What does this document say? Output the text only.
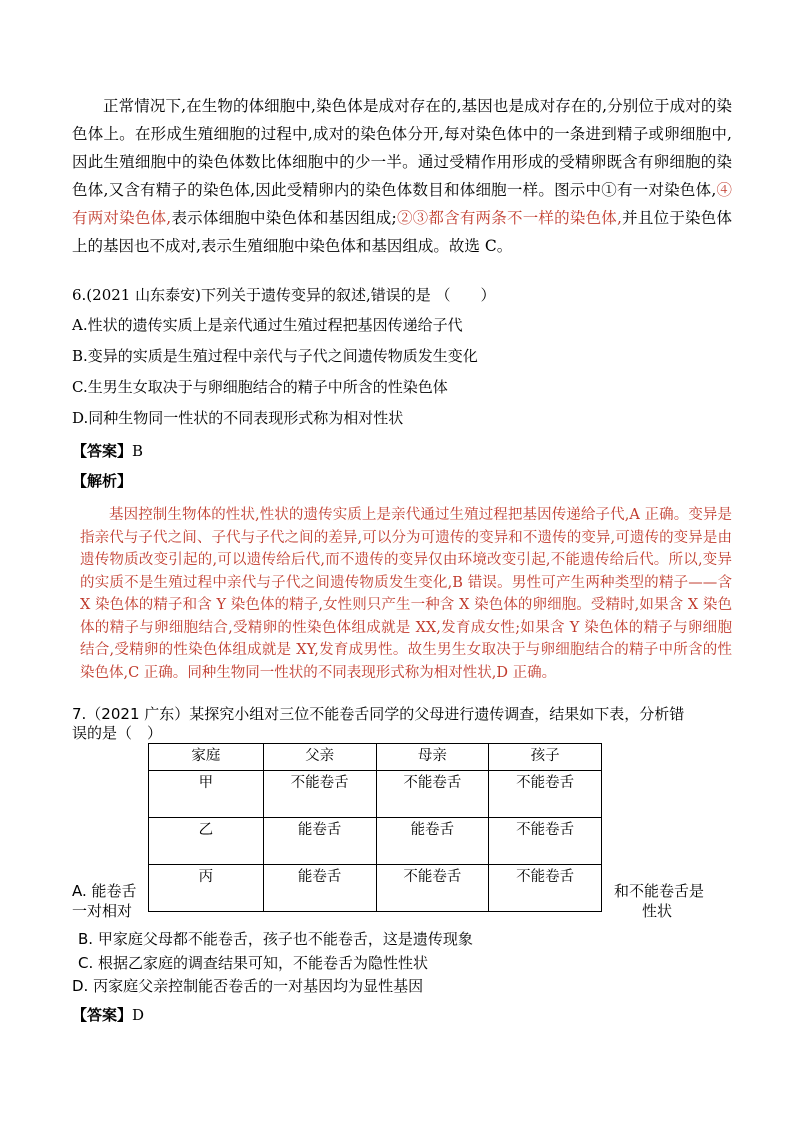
正常情况下,在生物的体细胞中,染色体是成对存在的,基因也是成对存在的,分别位于成对的染色体上。在形成生殖细胞的过程中,成对的染色体分开,每对染色体中的一条进到精子或卵细胞中,因此生殖细胞中的染色体数比体细胞中的少一半。通过受精作用形成的受精卵既含有卵细胞的染色体,又含有精子的染色体,因此受精卵内的染色体数目和体细胞一样。图示中①有一对染色体,④有两对染色体,表示体细胞中染色体和基因组成;②③都含有两条不一样的染色体,并且位于染色体上的基因也不成对,表示生殖细胞中染色体和基因组成。故选 C。
6.(2021 山东泰安)下列关于遗传变异的叙述,错误的是 （　　）
A.性状的遗传实质上是亲代通过生殖过程把基因传递给子代
B.变异的实质是生殖过程中亲代与子代之间遗传物质发生变化
C.生男生女取决于与卵细胞结合的精子中所含的性染色体
D.同种生物同一性状的不同表现形式称为相对性状
【答案】B
【解析】
基因控制生物体的性状,性状的遗传实质上是亲代通过生殖过程把基因传递给子代,A 正确。变异是指亲代与子代之间、子代与子代之间的差异,可以分为可遗传的变异和不遗传的变异,可遗传的变异是由遗传物质改变引起的,可以遗传给后代,而不遗传的变异仅由环境改变引起,不能遗传给后代。所以,变异的实质不是生殖过程中亲代与子代之间遗传物质发生变化,B 错误。男性可产生两种类型的精子——含 X 染色体的精子和含 Y 染色体的精子,女性则只产生一种含 X 染色体的卵细胞。受精时,如果含 X 染色体的精子与卵细胞结合,受精卵的性染色体组成就是 XX,发育成女性;如果含 Y 染色体的精子与卵细胞结合,受精卵的性染色体组成就是 XY,发育成男性。故生男生女取决于与卵细胞结合的精子中所含的性染色体,C 正确。同种生物同一性状的不同表现形式称为相对性状,D 正确。
7.（2021 广东）某探究小组对三位不能卷舌同学的父母进行遗传调查，结果如下表，分析错
误的是（　）
家庭	父亲	母亲	孩子
甲	不能卷舌	不能卷舌	不能卷舌
乙	能卷舌	能卷舌	不能卷舌
丙	能卷舌	不能卷舌	不能卷舌
A. 能卷舌
一对相对
和不能卷舌是
性状
B. 甲家庭父母都不能卷舌，孩子也不能卷舌，这是遗传现象
C. 根据乙家庭的调查结果可知，不能卷舌为隐性性状
D. 丙家庭父亲控制能否卷舌的一对基因均为显性基因
【答案】D
